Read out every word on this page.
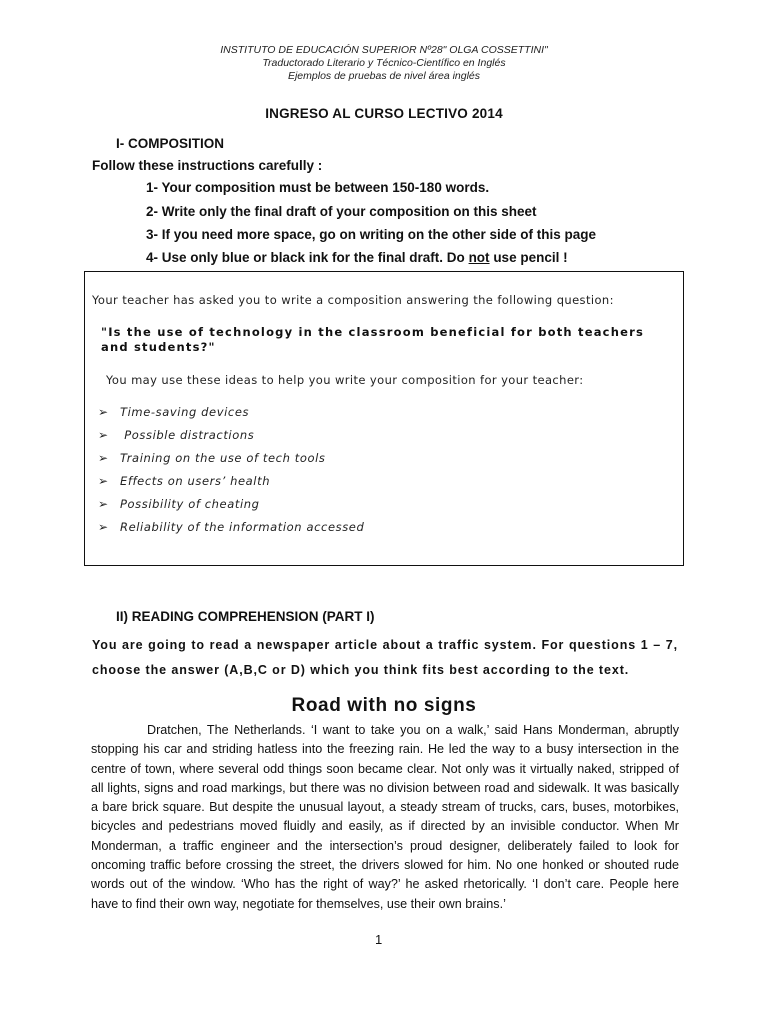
INSTITUTO DE EDUCACIÓN SUPERIOR Nº28" OLGA COSSETTINI"
Traductorado Literario y Técnico-Científico en Inglés
Ejemplos de pruebas de nivel área inglés
INGRESO AL CURSO LECTIVO 2014
I- COMPOSITION
Follow these instructions carefully :
1- Your composition must be between 150-180 words.
2- Write only the final draft of your composition on this sheet
3- If you need more space, go on writing on the other side of this page
4- Use only blue or black ink for the final draft. Do not use pencil !
Your teacher has asked you to write a composition answering the following question:
"Is the use of technology in the classroom beneficial for both teachers and students?"
You may use these ideas to help you write your composition for your teacher:
➢ Time-saving devices
➢ Possible distractions
➢ Training on the use of tech tools
➢ Effects on users’ health
➢ Possibility of cheating
➢ Reliability of the information accessed
II) READING COMPREHENSION (PART I)
You are going to read a newspaper article about a traffic system. For questions 1 – 7, choose the answer (A,B,C or D) which you think fits best according to the text.
Road with no signs

Dratchen, The Netherlands. ‘I want to take you on a walk,’ said Hans Monderman, abruptly stopping his car and striding hatless into the freezing rain. He led the way to a busy intersection in the centre of town, where several odd things soon became clear. Not only was it virtually naked, stripped of all lights, signs and road markings, but there was no division between road and sidewalk. It was basically a bare brick square. But despite the unusual layout, a steady stream of trucks, cars, buses, motorbikes, bicycles and pedestrians moved fluidly and easily, as if directed by an invisible conductor. When Mr Monderman, a traffic engineer and the intersection’s proud designer, deliberately failed to look for oncoming traffic before crossing the street, the drivers slowed for him. No one honked or shouted rude words out of the window. ‘Who has the right of way?’ he asked rhetorically. ‘I don’t care. People here have to find their own way, negotiate for themselves, use their own brains.’

1
